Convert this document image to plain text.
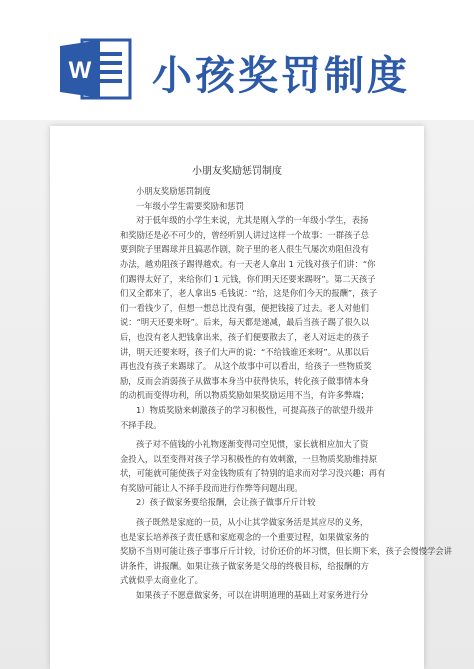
W 小孩奖罚制度
小朋友奖励惩罚制度

小朋友奖励惩罚制度

一年级小学生需要奖励和惩罚

对于低年级的小学生来说，尤其是刚入学的一年级小学生，表扬

和奖励还是必不可少的，曾经听别人讲过这样一个故事：一群孩子总

要到院子里踢球并且搞恶作剧，院子里的老人很生气屡次劝阻但没有

办法，越劝阻孩子踢得越欢。有一天老人拿出 1 元钱对孩子们讲：“你

们踢得太好了，来给你们 1 元钱，你们明天还要来踢呀”。第二天孩子

们又全都来了，老人拿出5 毛钱说：“给，这是你们今天的报酬”，孩子

们一看钱少了，但想一想总比没有强，便把钱接了过去。老人对他们

说：“明天还要来呀”。后来，每天都是递减，最后当孩子踢了很久以

后，也没有老人把钱拿出来，孩子们便要散去了，老人对远走的孩子

讲，明天还要来呀，孩子们大声的说：“不给钱谁还来呀”。从那以后

再也没有孩子来踢球了。 从这个故事中可以看出，给孩子一些物质奖

励，反而会消弱孩子从做事本身当中获得快乐，转化孩子做事情本身

的动机而变得功利，所以物质奖励如果奖励运用不当，有许多弊端；

1）物质奖励来刺激孩子的学习积极性，可提高孩子的欲望升级并

不择手段。

孩子对不值钱的小礼物逐渐变得司空见惯，家长就相应加大了资

金投入，以至变得对孩子学习积极性的有效刺激，一旦物质奖励维持原

状，可能就可能使孩子对金钱物质有了特别的追求而对学习没兴趣；再有

有奖励可能让人不择手段而进行作弊等问题出现。

2）孩子做家务要给报酬，会让孩子做事斤斤计较

孩子既然是家庭的一员，从小让其学做家务活是其应尽的义务，

也是家长培养孩子责任感和家庭观念的一个重要过程，如果做家务的

奖励不当则可能让孩子事事斤斤计较，讨价还价的坏习惯，但长期下来，孩子会慢慢学会讲

讲条件，讲报酬。如果让孩子做家务是父母的终极目标，给报酬的方

式就似乎太商业化了。

如果孩子不愿意做家务，可以在讲明道理的基础上对家务进行分
